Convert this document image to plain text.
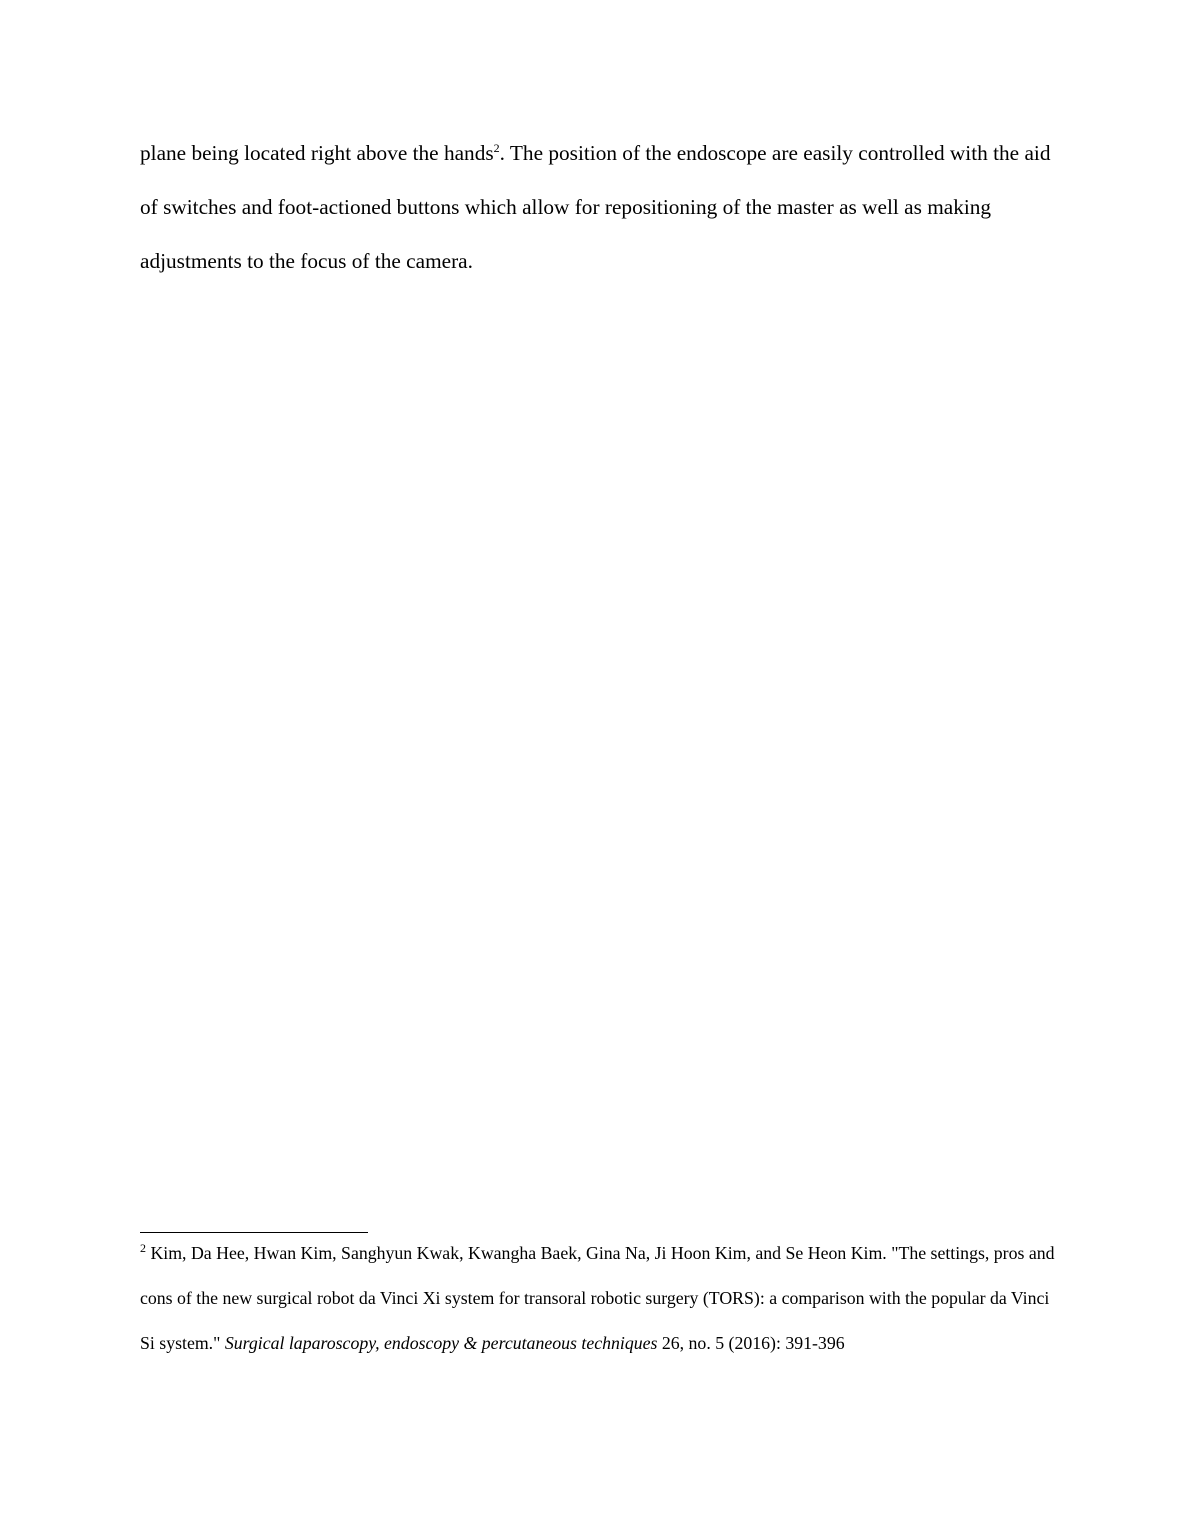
plane being located right above the hands$^2$. The position of the endoscope are easily controlled with the aid of switches and foot-actioned buttons which allow for repositioning of the master as well as making adjustments to the focus of the camera.

$^2$ Kim, Da Hee, Hwan Kim, Sanghyun Kwak, Kwangha Baek, Gina Na, Ji Hoon Kim, and Se Heon Kim. "The settings, pros and cons of the new surgical robot da Vinci Xi system for transoral robotic surgery (TORS): a comparison with the popular da Vinci Si system." Surgical laparoscopy, endoscopy & percutaneous techniques 26, no. 5 (2016): 391-396
